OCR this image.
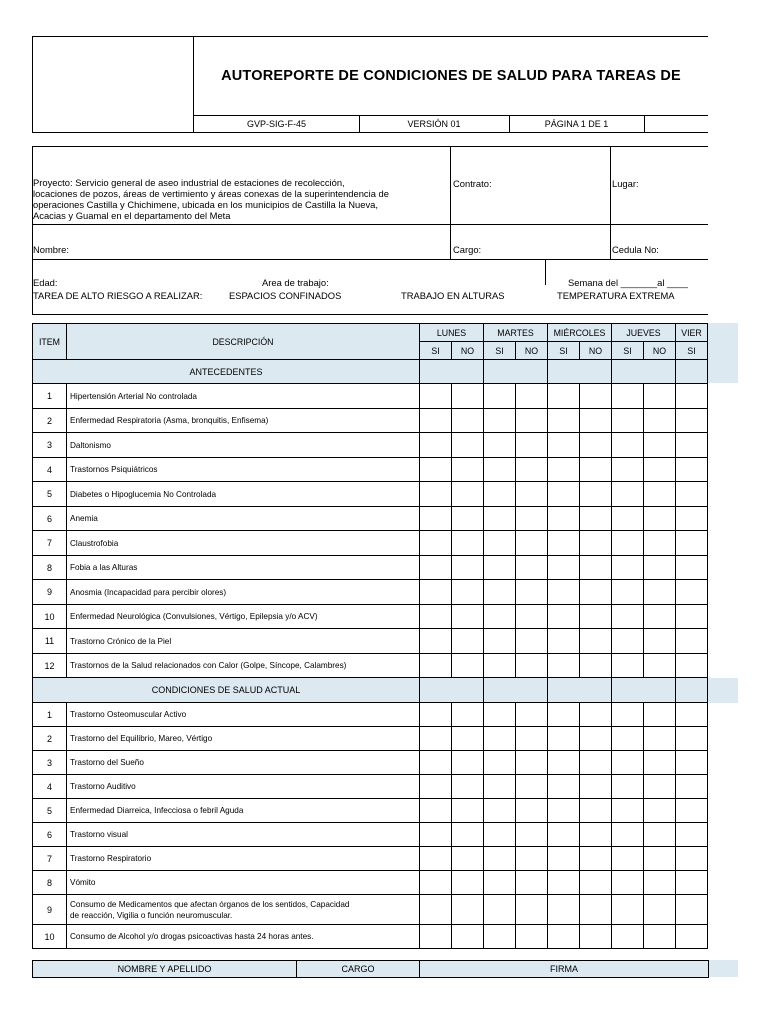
AUTOREPORTE DE CONDICIONES DE SALUD PARA TAREAS DE
GVP-SIG-F-45	VERSIÓN 01	PÁGINA 1 DE 1
Proyecto: Servicio general de aseo industrial de estaciones de recolección,
locaciones de pozos, áreas de vertimiento y áreas conexas de la superintendencia de
operaciones Castilla y Chichimene, ubicada en los municipios de Castilla la Nueva,
Acacias y Guamal en el departamento del Meta
Contrato:	Lugar:
Nombre:	Cargo:	Cedula No:
Edad:	Area de trabajo:	Semana del _______al ____
TAREA DE ALTO RIESGO A REALIZAR:	ESPACIOS CONFINADOS	TRABAJO EN ALTURAS	TEMPERATURA EXTREMA
ITEM	DESCRIPCIÓN	LUNES		MARTES		MIÉRCOLES		JUEVES		VIER
		SI	NO	SI	NO	SI	NO	SI	NO	SI
ANTECEDENTES										
1	Hipertensión Arterial No controlada									
2	Enfermedad Respiratoria (Asma, bronquitis, Enfisema)									
3	Daltonismo									
4	Trastornos Psiquiátricos									
5	Diabetes o Hipoglucemia No Controlada									
6	Anemia									
7	Claustrofobia									
8	Fobia a las Alturas									
9	Anosmia (Incapacidad para percibir olores)									
10	Enfermedad Neurológica (Convulsiones, Vértigo, Epilepsia y/o ACV)									
11	Trastorno Crónico de la Piel									
12	Trastornos de la Salud relacionados con Calor (Golpe, Síncope, Calambres)									
CONDICIONES DE SALUD ACTUAL										
1	Trastorno Osteomuscular Activo									
2	Trastorno del Equilibrio, Mareo, Vértigo									
3	Trastorno del Sueño									
4	Trastorno Auditivo									
5	Enfermedad Diarreica, Infecciosa o febril Aguda									
6	Trastorno visual									
7	Trastorno Respiratorio									
8	Vómito									
9	Consumo de Medicamentos que afectan órganos de los sentidos, Capacidad
de reacción, Vigilia o función neuromuscular.									

10	Consumo de Alcohol y/o drogas psicoactivas hasta 24 horas antes.									
NOMBRE Y APELLIDO	CARGO	FIRMA
